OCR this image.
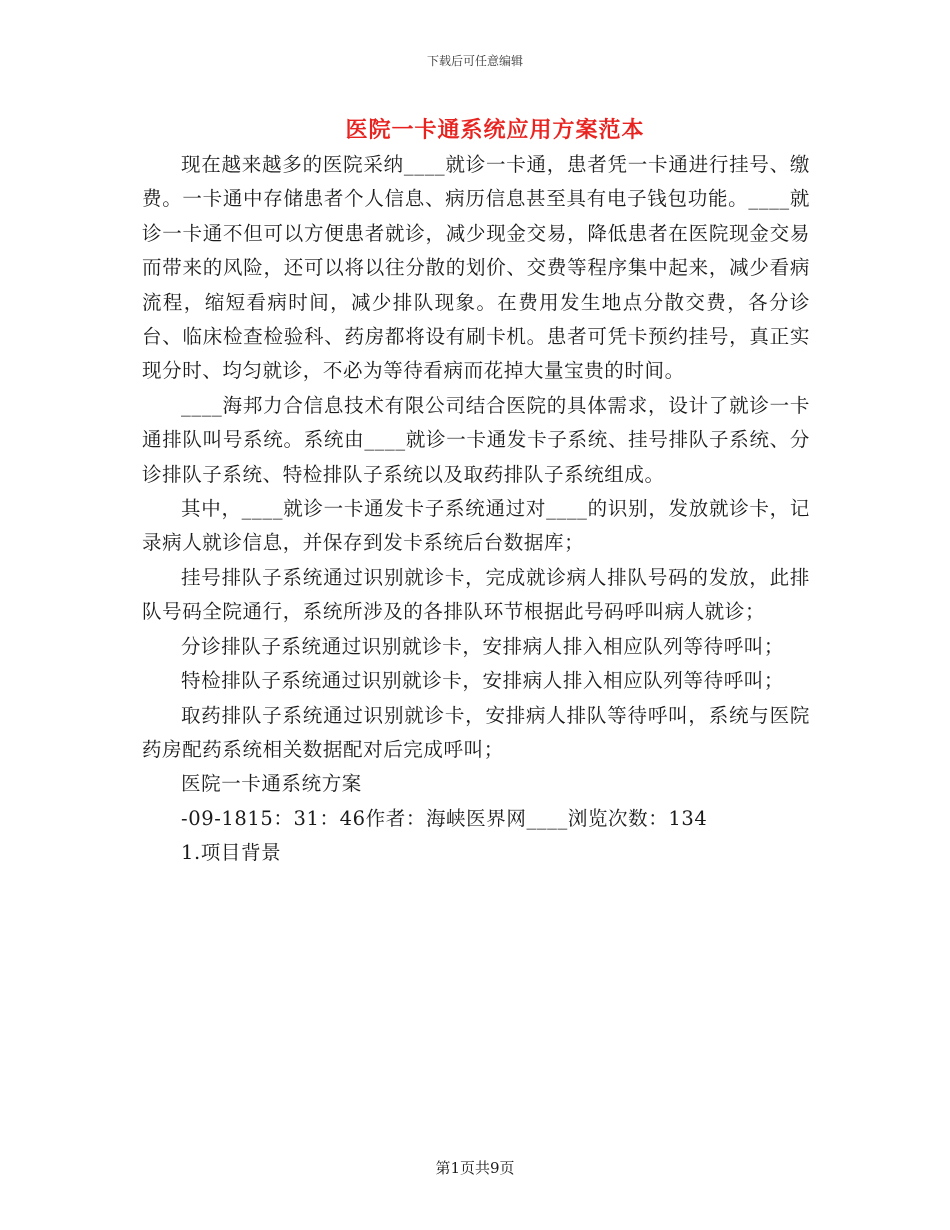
下载后可任意编辑
医院一卡通系统应用方案范本

现在越来越多的医院采纳____就诊一卡通，患者凭一卡通进行挂号、缴费。一卡通中存储患者个人信息、病历信息甚至具有电子钱包功能。____就诊一卡通不但可以方便患者就诊，减少现金交易，降低患者在医院现金交易而带来的风险，还可以将以往分散的划价、交费等程序集中起来，减少看病流程，缩短看病时间，减少排队现象。在费用发生地点分散交费，各分诊台、临床检查检验科、药房都将设有刷卡机。患者可凭卡预约挂号，真正实现分时、均匀就诊，不必为等待看病而花掉大量宝贵的时间。

____海邦力合信息技术有限公司结合医院的具体需求，设计了就诊一卡通排队叫号系统。系统由____就诊一卡通发卡子系统、挂号排队子系统、分诊排队子系统、特检排队子系统以及取药排队子系统组成。

其中，____就诊一卡通发卡子系统通过对____的识别，发放就诊卡，记录病人就诊信息，并保存到发卡系统后台数据库；

挂号排队子系统通过识别就诊卡，完成就诊病人排队号码的发放，此排队号码全院通行，系统所涉及的各排队环节根据此号码呼叫病人就诊；

分诊排队子系统通过识别就诊卡，安排病人排入相应队列等待呼叫；

特检排队子系统通过识别就诊卡，安排病人排入相应队列等待呼叫；

取药排队子系统通过识别就诊卡，安排病人排队等待呼叫，系统与医院药房配药系统相关数据配对后完成呼叫；

医院一卡通系统方案

-09-1815：31：46作者：海峡医界网____浏览次数：134

1.项目背景

第1页共9页
